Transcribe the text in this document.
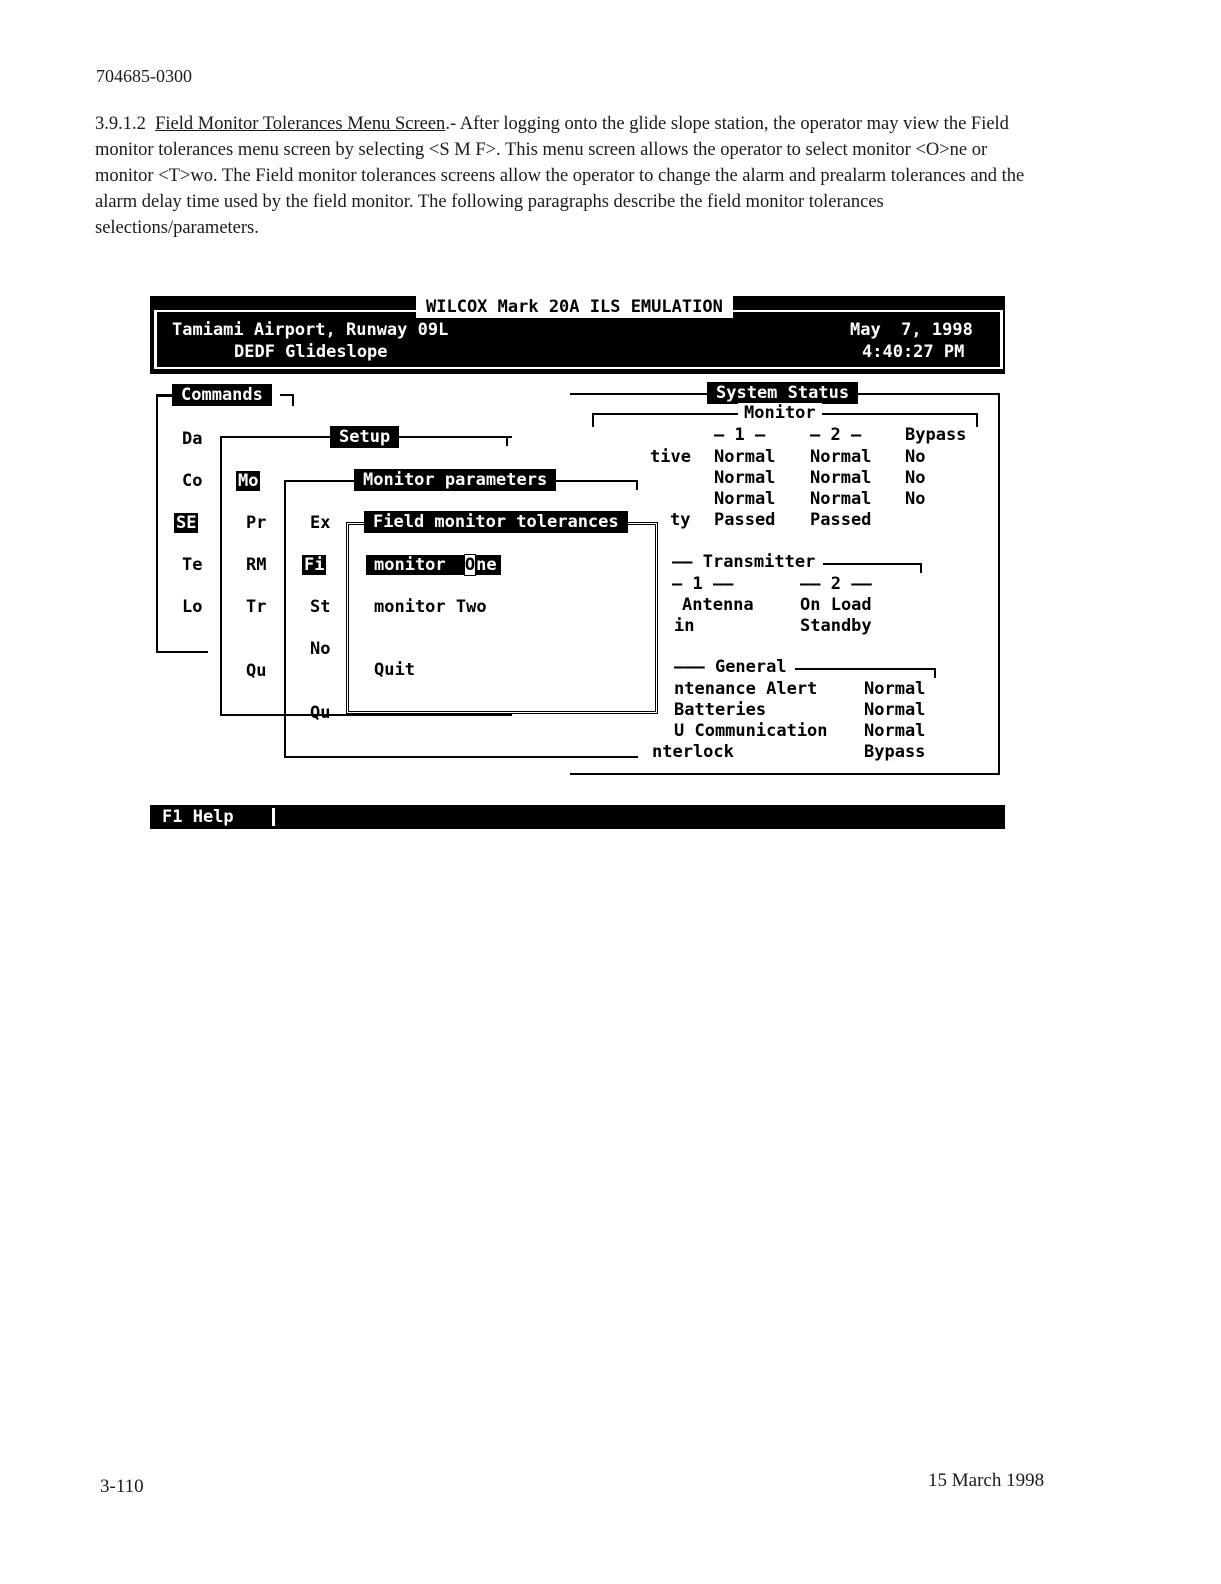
704685-0300
3.9.1.2 Field Monitor Tolerances Menu Screen.- After logging onto the glide slope station, the operator may view the Field monitor tolerances menu screen by selecting <S M F>. This menu screen allows the operator to select monitor <O>ne or monitor <T>wo. The Field monitor tolerances screens allow the operator to change the alarm and prealarm tolerances and the alarm delay time used by the field monitor. The following paragraphs describe the field monitor tolerances selections/parameters.
WILCOX Mark 20A ILS EMULATION
Tamiami Airport, Runway 09L
DEDF Glideslope
May  7, 1998
4:40:27 PM
System Status
Monitor
— 1 —	— 2 —	Bypass
tive Normal Normal No
Normal Normal No
Normal Normal No
ty Passed Passed
—— Transmitter
— 1 ——	—— 2 ——
Antenna	On Load
in	Standby
——— General
ntenance Alert	Normal
Batteries	Normal
U Communication Normal
nterlock	Bypass
Commands
Da
Co
SE
Te
Lo
Setup
Mo
Pr
RM
Tr
Qu
Monitor parameters
Ex
Fi
St
No
Qu
Field monitor tolerances
monitor One
monitor Two
Quit
F1 Help
3-110	15 March 1998
